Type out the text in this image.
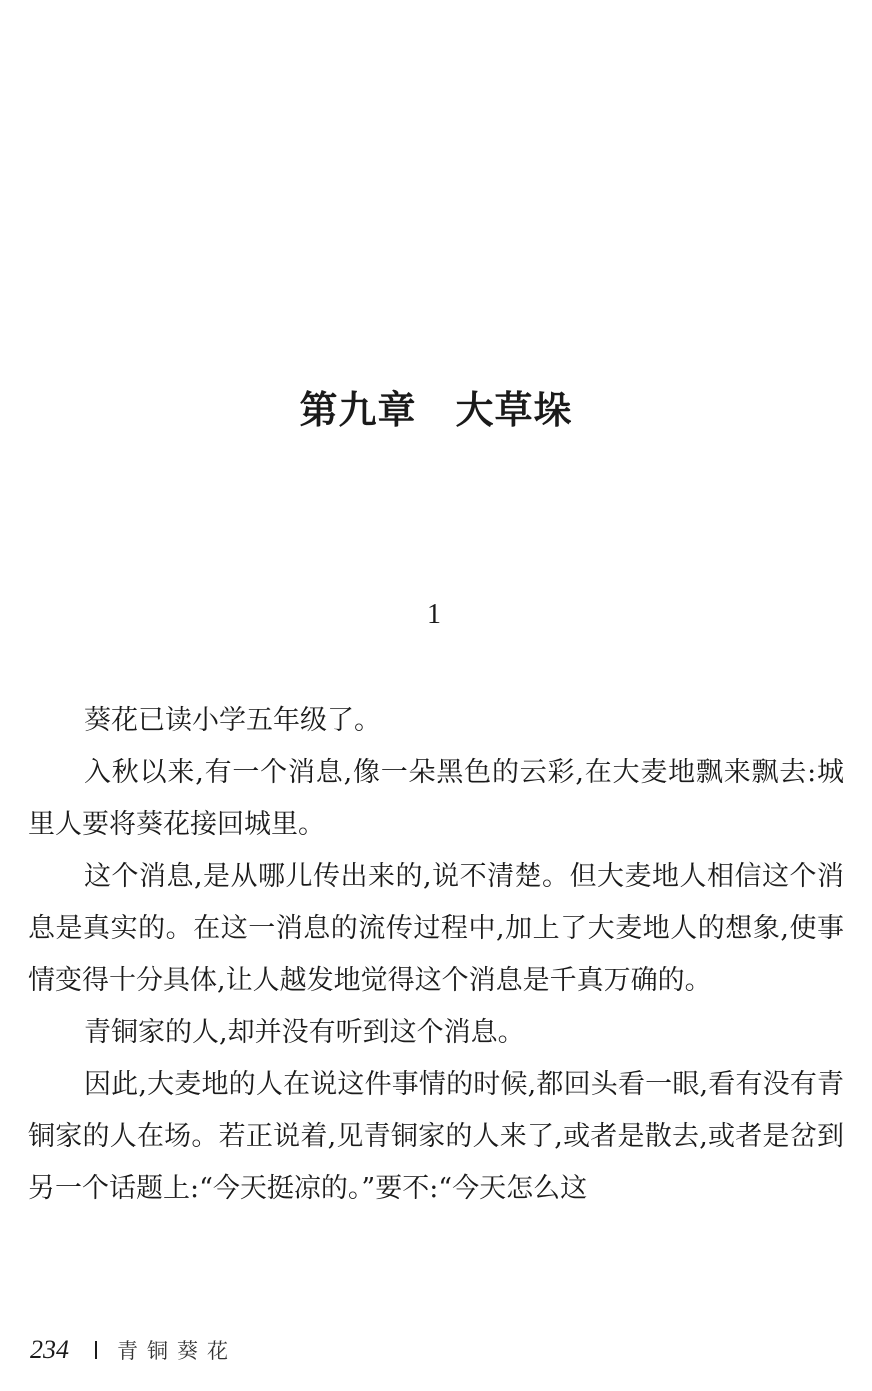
第九章　大草垛
1

葵花已读小学五年级了。

入秋以来,有一个消息,像一朵黑色的云彩,在大麦地飘来飘去:城里人要将葵花接回城里。

这个消息,是从哪儿传出来的,说不清楚。但大麦地人相信这个消息是真实的。在这一消息的流传过程中,加上了大麦地人的想象,使事情变得十分具体,让人越发地觉得这个消息是千真万确的。

青铜家的人,却并没有听到这个消息。

因此,大麦地的人在说这件事情的时候,都回头看一眼,看有没有青铜家的人在场。若正说着,见青铜家的人来了,或者是散去,或者是岔到另一个话题上:“今天挺凉的。”要不:“今天怎么这

234 青铜葵花
